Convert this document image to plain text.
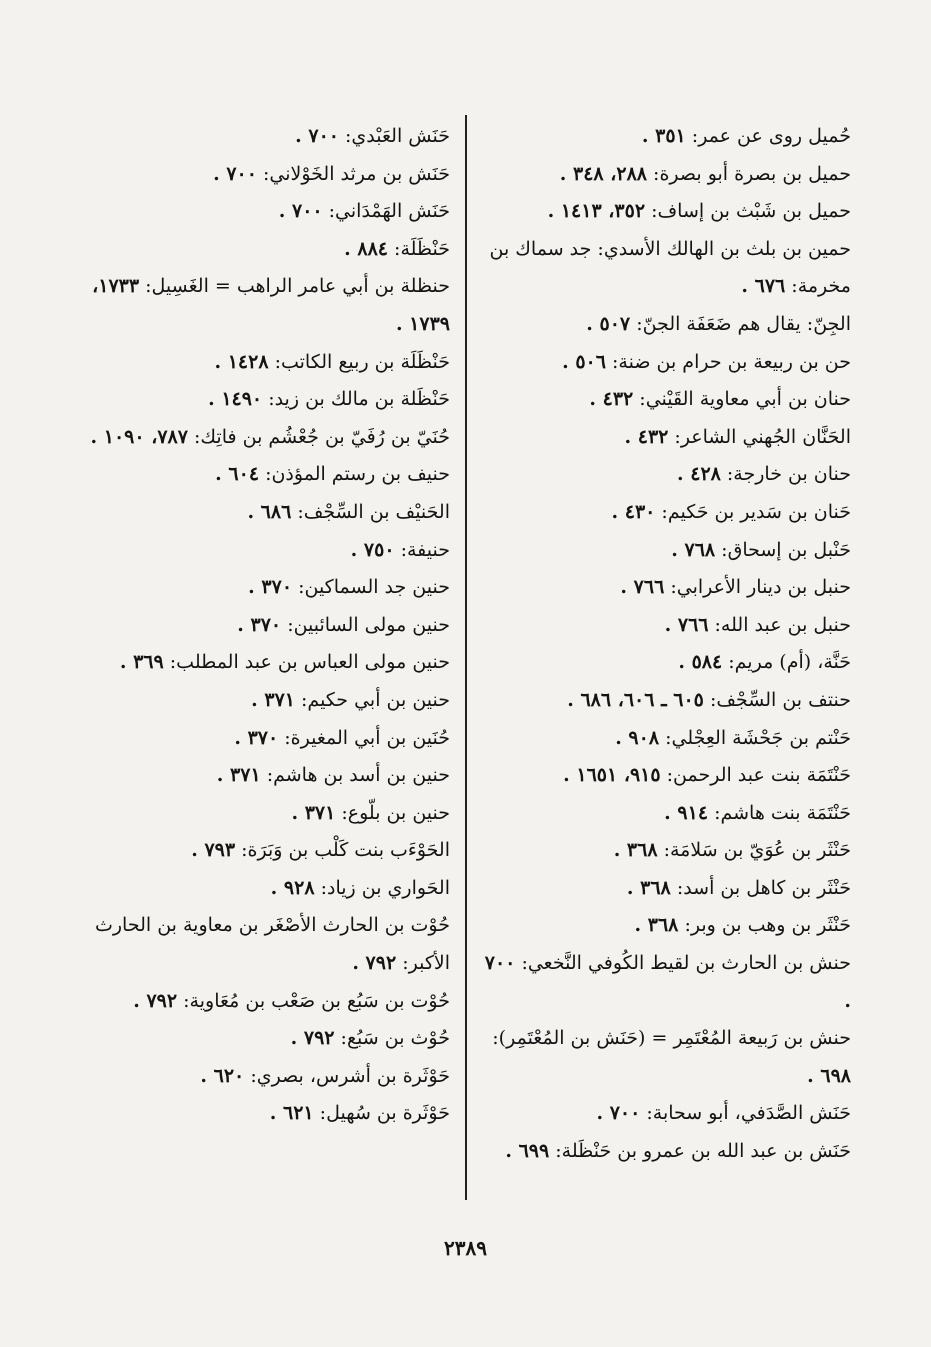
حُميل روى عن عمر: ٣٥١ .
حميل بن بصرة أبو بصرة: ٢٨٨، ٣٤٨ .
حميل بن شَبْث بن إساف: ٣٥٢، ١٤١٣ .
حمين بن بلث بن الهالك الأسدي: جد سماك بن مخرمة: ٦٧٦ .
الجِنّ: يقال هم ضَعَفَة الجنّ: ٥٠٧ .
حن بن ربيعة بن حرام بن ضنة: ٥٠٦ .
حنان بن أبي معاوية القَيْني: ٤٣٢ .
الحَنَّان الجُهني الشاعر: ٤٣٢ .
حنان بن خارجة: ٤٢٨ .
حَنان بن سَدير بن حَكيم: ٤٣٠ .
حَنْبل بن إسحاق: ٧٦٨ .
حنبل بن دينار الأعرابي: ٧٦٦ .
حنبل بن عبد الله: ٧٦٦ .
حَنَّة، (أم) مريم: ٥٨٤ .
حنتف بن السِّجْف: ٦٠٥ ـ ٦٠٦، ٦٨٦ .
حَنْتم بن جَحْشَة العِجْلي: ٩٠٨ .
حَنْتَمَة بنت عبد الرحمن: ٩١٥، ١٦٥١ .
حَنْتَمَة بنت هاشم: ٩١٤ .
حَنْثَر بن عُوَيّ بن سَلامَة: ٣٦٨ .
حَنْثَر بن كاهل بن أسد: ٣٦٨ .
حَنْثَر بن وهب بن وبر: ٣٦٨ .
حنش بن الحارث بن لقيط الكُوفي النَّخعي: ٧٠٠ .
حنش بن رَبيعة المُعْتَمِر = (حَنَش بن المُعْتَمِر): ٦٩٨ .
حَنَش الصَّدَفي، أبو سحابة: ٧٠٠ .
حَنَش بن عبد الله بن عمرو بن حَنْظَلة: ٦٩٩ .
حَنَش العَبْدي: ٧٠٠ .
حَنَش بن مرثد الخَوْلاني: ٧٠٠ .
حَنَش الهَمْدَاني: ٧٠٠ .
حَنْظَلَة: ٨٨٤ .
حنظلة بن أبي عامر الراهب = الغَسِيل: ١٧٣٣، ١٧٣٩ .
حَنْظَلَة بن ربيع الكاتب: ١٤٢٨ .
حَنْظَلة بن مالك بن زيد: ١٤٩٠ .
حُنَيّ بن رُفَيّ بن جُعْشُم بن فاتِك: ٧٨٧، ١٠٩٠ .
حنيف بن رستم المؤذن: ٦٠٤ .
الحَنيْف بن السِّجْف: ٦٨٦ .
حنيفة: ٧٥٠ .
حنين جد السماكين: ٣٧٠ .
حنين مولى السائبين: ٣٧٠ .
حنين مولى العباس بن عبد المطلب: ٣٦٩ .
حنين بن أبي حكيم: ٣٧١ .
حُنَين بن أبي المغيرة: ٣٧٠ .
حنين بن أسد بن هاشم: ٣٧١ .
حنين بن بلّوع: ٣٧١ .
الحَوْءَب بنت كَلْب بن وَبَرَة: ٧٩٣ .
الحَواري بن زياد: ٩٢٨ .
حُوْت بن الحارث الأصْغَر بن معاوية بن الحارث الأكبر: ٧٩٢ .
حُوْت بن سَبُع بن صَعْب بن مُعَاوية: ٧٩٢ .
حُوْث بن سَبُع: ٧٩٢ .
حَوْثَرة بن أشرس، بصري: ٦٢٠ .
حَوْثَرة بن سُهيل: ٦٢١ .
٢٣٨٩
